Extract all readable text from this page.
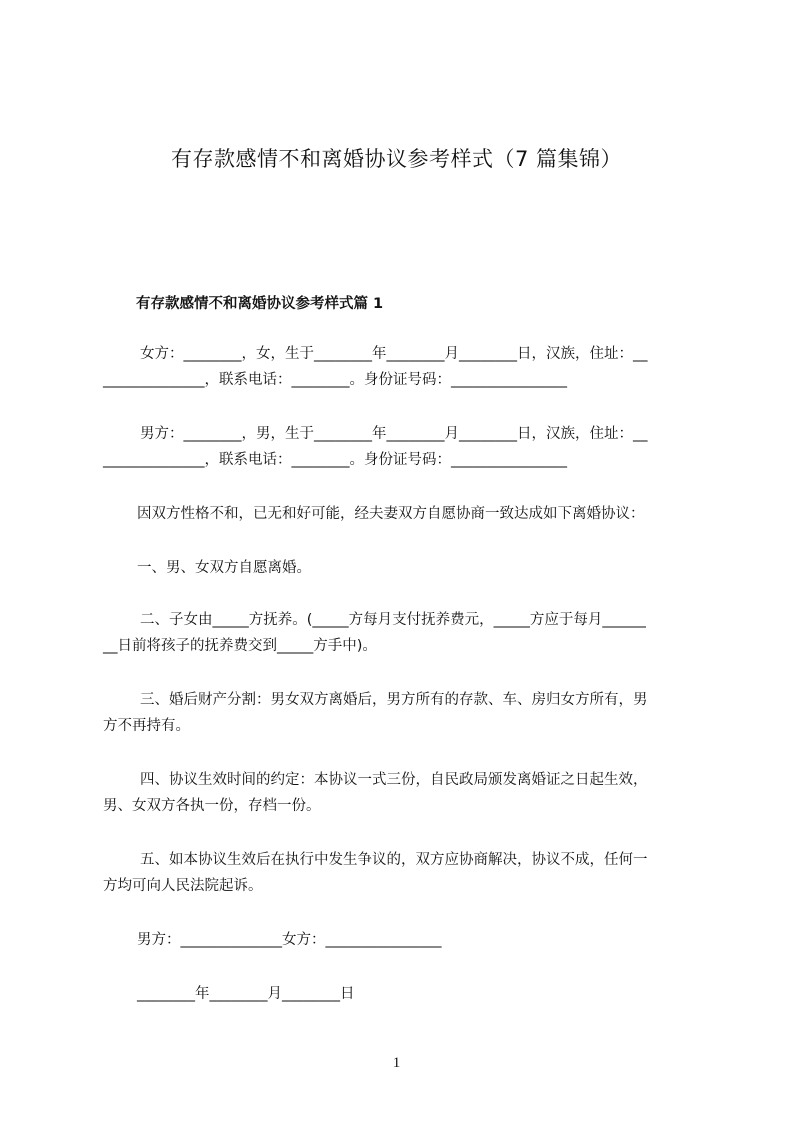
有存款感情不和离婚协议参考样式（7 篇集锦）
有存款感情不和离婚协议参考样式篇 1
女方：________，女，生于________年________月________日，汉族，住址：__
______________，联系电话：________。身份证号码：________________
男方：________，男，生于________年________月________日，汉族，住址：__
______________，联系电话：________。身份证号码：________________
因双方性格不和，已无和好可能，经夫妻双方自愿协商一致达成如下离婚协议：
一、男、女双方自愿离婚。
二、子女由_____方抚养。(_____方每月支付抚养费元，_____方应于每月______
__日前将孩子的抚养费交到_____方手中)。
三、婚后财产分割：男女双方离婚后，男方所有的存款、车、房归女方所有，男
方不再持有。
四、协议生效时间的约定：本协议一式三份，自民政局颁发离婚证之日起生效，
男、女双方各执一份，存档一份。
五、如本协议生效后在执行中发生争议的，双方应协商解决，协议不成，任何一
方均可向人民法院起诉。
男方：______________女方：________________
________年________月________日
1
